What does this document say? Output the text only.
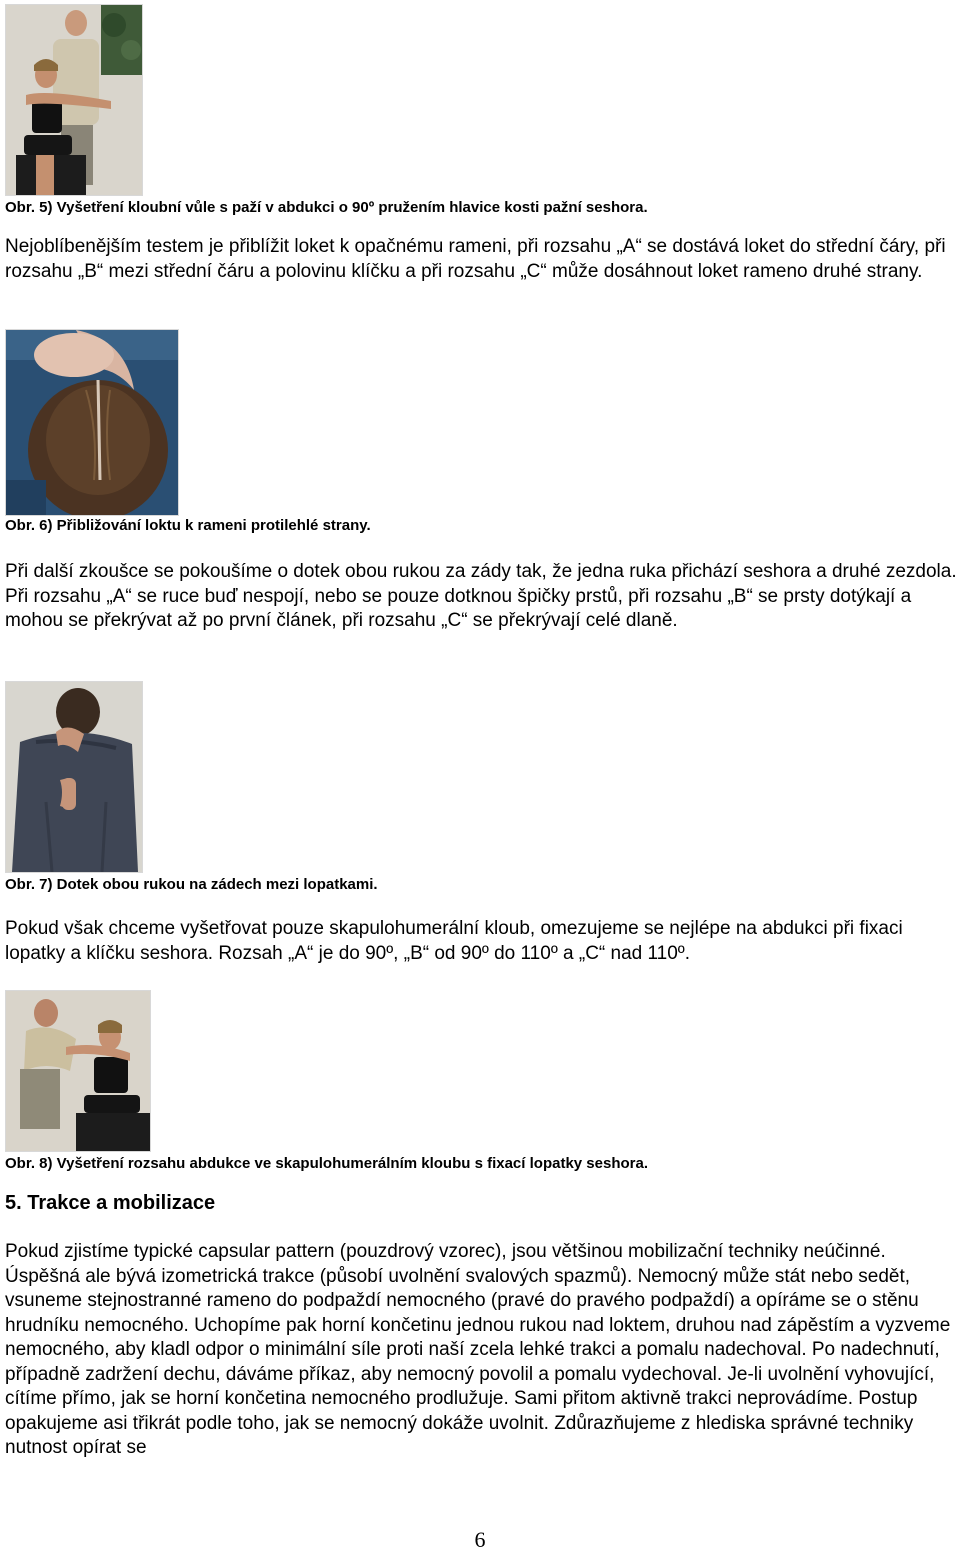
Obr. 5) Vyšetření kloubní vůle s paží v abdukci o 90º pružením hlavice kosti pažní seshora.

Nejoblíbenějším testem je přiblížit loket k opačnému rameni, při rozsahu „A“ se dostává loket do střední čáry, při rozsahu „B“ mezi střední čáru a polovinu klíčku a při rozsahu „C“ může dosáhnout loket rameno druhé strany.

Obr. 6) Přibližování loktu k rameni protilehlé strany.

Při další zkoušce se pokoušíme o dotek obou rukou za zády tak, že jedna ruka přichází seshora a druhé zezdola. Při rozsahu „A“ se ruce buď nespojí, nebo se pouze dotknou špičky prstů, při rozsahu „B“ se prsty dotýkají a mohou se překrývat až po první článek, při rozsahu „C“ se překrývají celé dlaně.

Obr. 7) Dotek obou rukou na zádech mezi lopatkami.

Pokud však chceme vyšetřovat pouze skapulohumerální kloub, omezujeme se nejlépe na abdukci při fixaci lopatky a klíčku seshora. Rozsah „A“ je do 90º, „B“ od 90º do 110º a „C“ nad 110º.

Obr. 8) Vyšetření rozsahu abdukce ve skapulohumerálním kloubu s fixací lopatky seshora.
5. Trakce a mobilizace

Pokud zjistíme typické capsular pattern (pouzdrový vzorec), jsou většinou mobilizační techniky neúčinné. Úspěšná ale bývá izometrická trakce (působí uvolnění svalových spazmů). Nemocný může stát nebo sedět, vsuneme stejnostranné rameno do podpaždí nemocného (pravé do pravého podpaždí) a opíráme se o stěnu hrudníku nemocného. Uchopíme pak horní končetinu jednou rukou nad loktem, druhou nad zápěstím a vyzveme nemocného, aby kladl odpor o minimální síle proti naší zcela lehké trakci a pomalu nadechoval. Po nadechnutí, případně zadržení dechu, dáváme příkaz, aby nemocný povolil a pomalu vydechoval. Je-li uvolnění vyhovující, cítíme přímo, jak se horní končetina nemocného prodlužuje. Sami přitom aktivně trakci neprovádíme. Postup opakujeme asi třikrát podle toho, jak se nemocný dokáže uvolnit. Zdůrazňujeme z hlediska správné techniky nutnost opírat se

6
